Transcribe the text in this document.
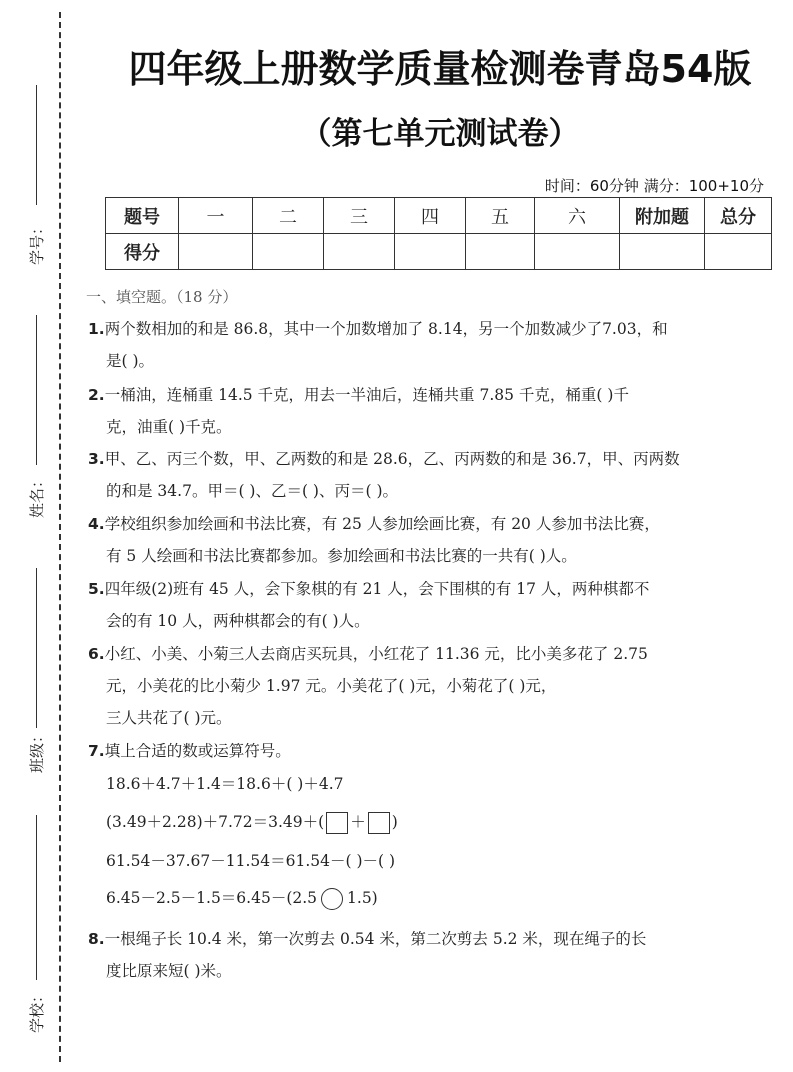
学号：
姓名：
班级：
学校：
四年级上册数学质量检测卷青岛54版
（第七单元测试卷）
时间：60分钟 满分：100+10分
题号	一	二	三	四	五	六	附加题	总分
得分								
一、填空题。（18 分）
1.两个数相加的和是 86.8，其中一个加数增加了 8.14，另一个加数减少了7.03，和
是( )。
2.一桶油，连桶重 14.5 千克，用去一半油后，连桶共重 7.85 千克，桶重( )千
克，油重( )千克。
3.甲、乙、丙三个数，甲、乙两数的和是 28.6，乙、丙两数的和是 36.7，甲、丙两数
的和是 34.7。甲＝( )、乙＝( )、丙＝( )。
4.学校组织参加绘画和书法比赛，有 25 人参加绘画比赛，有 20 人参加书法比赛，
有 5 人绘画和书法比赛都参加。参加绘画和书法比赛的一共有( )人。
5.四年级(2)班有 45 人，会下象棋的有 21 人，会下围棋的有 17 人，两种棋都不
会的有 10 人，两种棋都会的有( )人。
6.小红、小美、小菊三人去商店买玩具，小红花了 11.36 元，比小美多花了 2.75
元，小美花的比小菊少 1.97 元。小美花了( )元，小菊花了( )元，
三人共花了( )元。
7.填上合适的数或运算符号。
18.6＋4.7＋1.4＝18.6＋( )＋4.7
(3.49＋2.28)＋7.72＝3.49＋( ＋ )
61.54－37.67－11.54＝61.54－( )－( )
6.45－2.5－1.5＝6.45－(2.5 1.5)
8.一根绳子长 10.4 米，第一次剪去 0.54 米，第二次剪去 5.2 米，现在绳子的长
度比原来短( )米。
